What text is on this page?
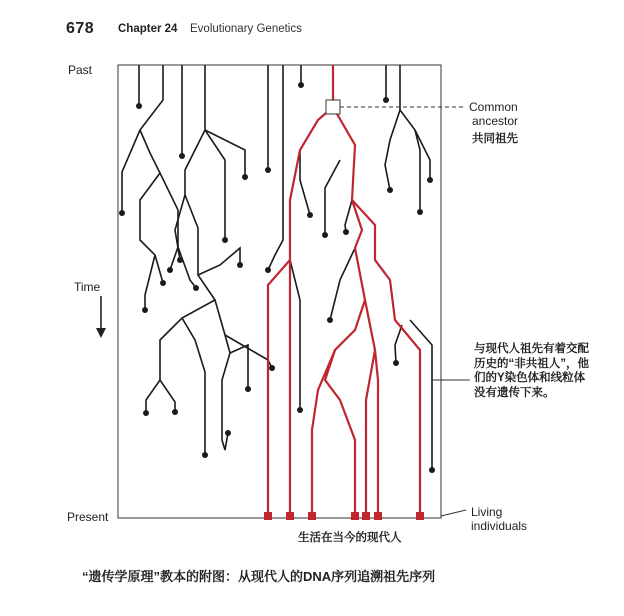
678 Chapter 24 Evolutionary Genetics
Past
Time
Present
Common
ancestor
共同祖先
与现代人祖先有着交配历史的“非共祖人”，他们的Y染色体和线粒体没有遗传下来。
Living
individuals
生活在当今的现代人
“遗传学原理”教本的附图：从现代人的DNA序列追溯祖先序列
